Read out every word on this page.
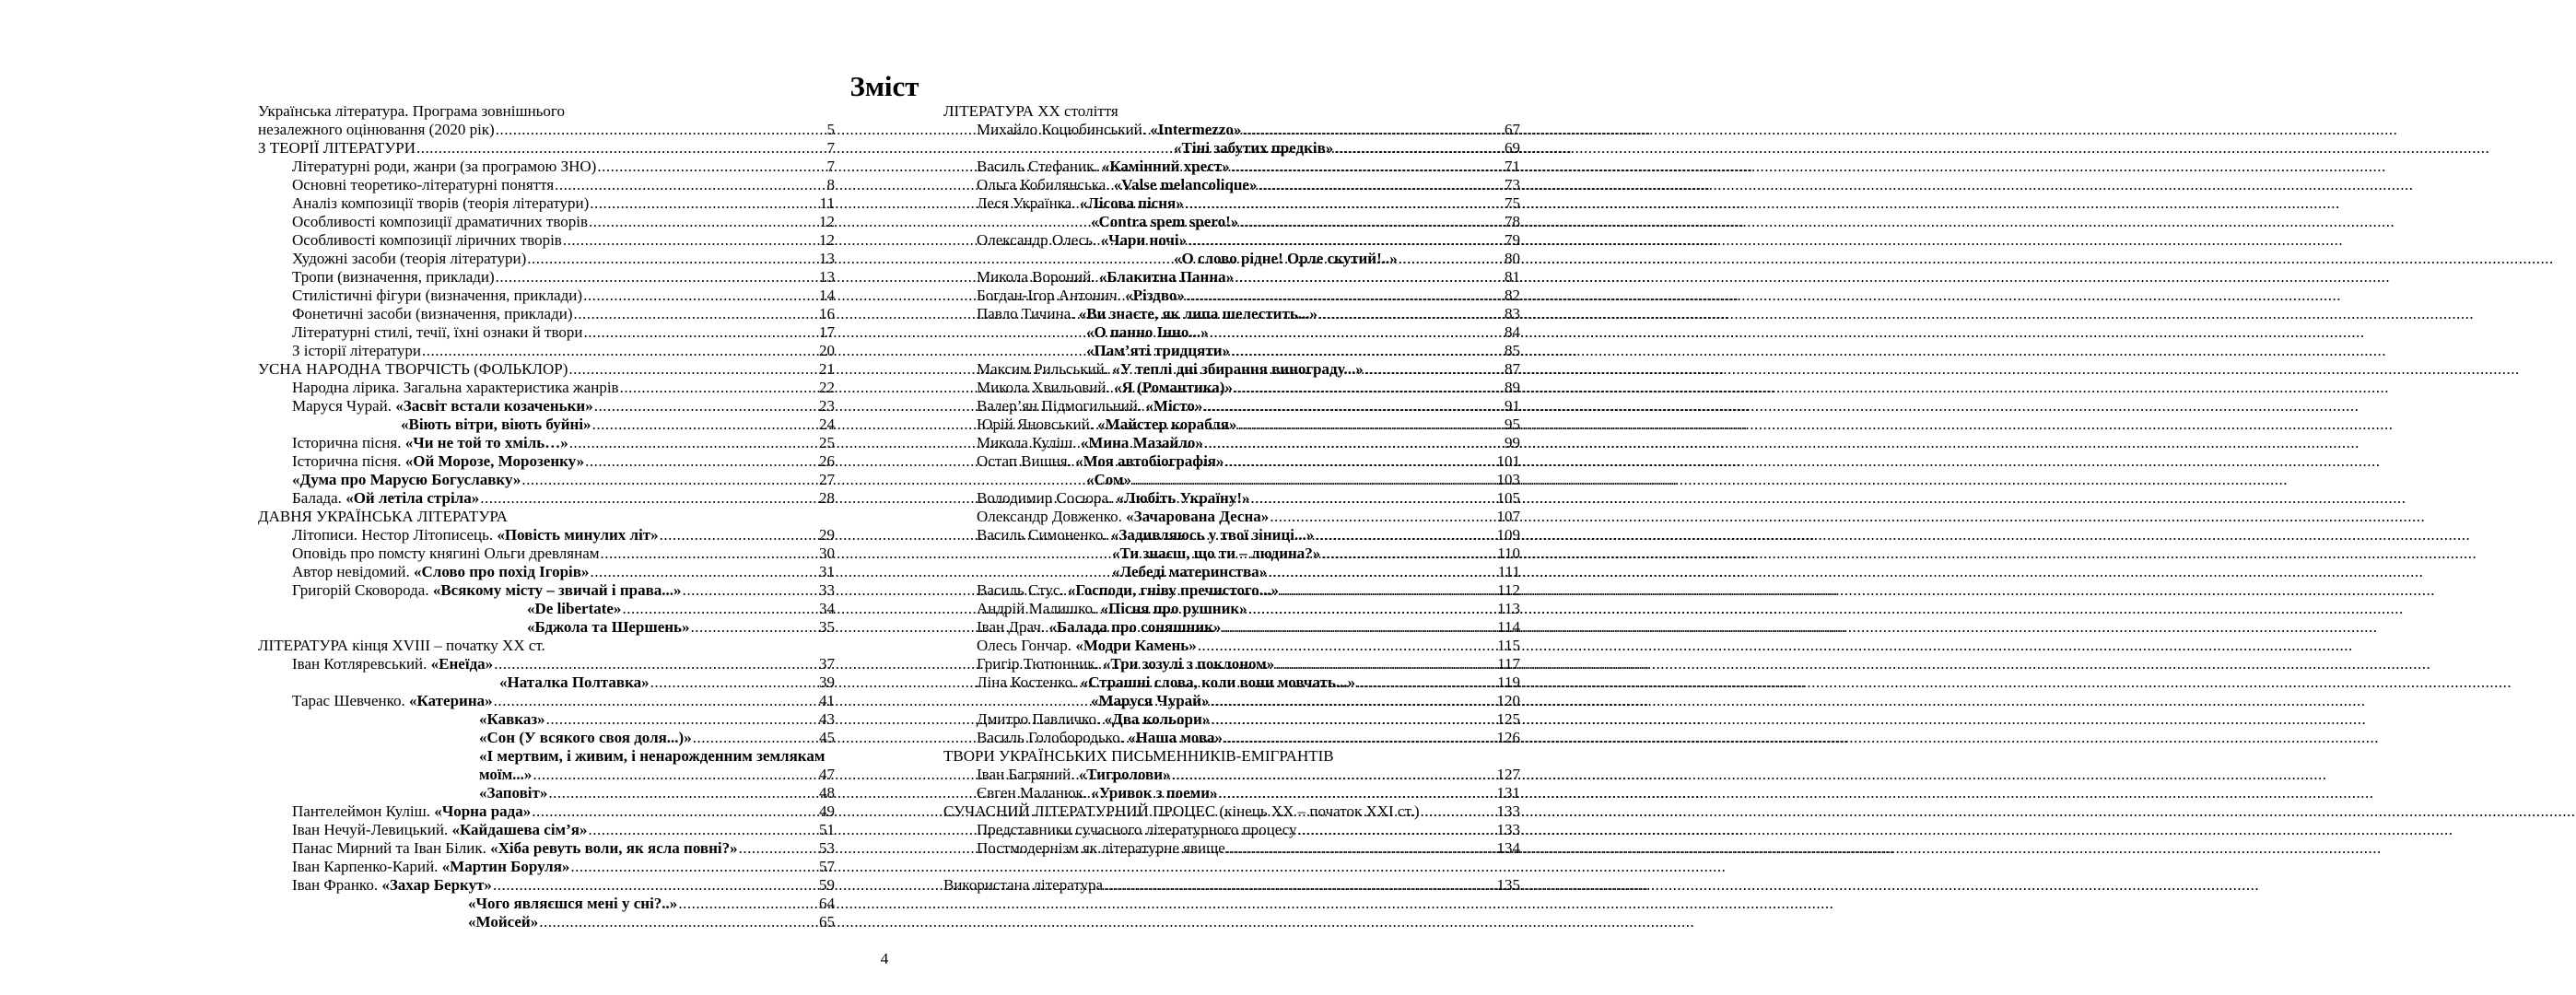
Зміст
Українська література. Програма зовнішнього
незалежного оцінювання (2020 рік) .....	5
З ТЕОРІЇ ЛІТЕРАТУРИ .....	7
Літературні роди, жанри (за програмою ЗНО) .....	7
Основні теоретико-літературні поняття .....	8
Аналіз композиції творів (теорія літератури) .....	11
Особливості композиції драматичних творів .....	12
Особливості композиції ліричних творів .....	12
Художні засоби (теорія літератури) .....	13
Тропи (визначення, приклади) .....	13
Стилістичні фігури (визначення, приклади) .....	14
Фонетичні засоби (визначення, приклади) .....	16
Літературні стилі, течії, їхні ознаки й твори .....	17
З історії літератури .....	20
УСНА НАРОДНА ТВОРЧІСТЬ (ФОЛЬКЛОР) .....	21
Народна лірика. Загальна характеристика жанрів .....	22
Маруся Чурай. «Засвіт встали козаченьки» .....	23
«Віють вітри, віють буйні» .....	24
Історична пісня. «Чи не той то хміль…» .....	25
Історична пісня. «Ой Морозе, Морозенку» .....	26
«Дума про Марусю Богуславку» .....	27
Балада. «Ой летіла стріла» .....	28
ДАВНЯ УКРАЇНСЬКА ЛІТЕРАТУРА
Літописи. Нестор Літописець. «Повість минулих літ» .....	29
Оповідь про помсту княгині Ольги древлянам .....	30
Автор невідомий. «Слово про похід Ігорів» .....	31
Григорій Сковорода. «Всякому місту – звичай і права...» .....	33
«De libertate» .....	34
«Бджола та Шершень» .....	35
ЛІТЕРАТУРА кінця XVIII – початку XX ст.
Іван Котляревський. «Енеїда» .....	37
«Наталка Полтавка» .....	39
Тарас Шевченко. «Катерина» .....	41
«Кавказ» .....	43
«Сон (У всякого своя доля...)» .....	45
«І мертвим, і живим, і ненарожденним землякам
моїм...» .....	47
«Заповіт» .....	48
Пантелеймон Куліш. «Чорна рада» .....	49
Іван Нечуй-Левицький. «Кайдашева сім’я» .....	51
Панас Мирний та Іван Білик. «Хіба ревуть воли, як ясла повні?» .....	53
Іван Карпенко-Карий. «Мартин Боруля» .....	57
Іван Франко. «Захар Беркут» .....	59
«Чого являєшся мені у сні?..» .....	64
«Мойсей» .....	65
ЛІТЕРАТУРА XX століття
Михайло Коцюбинський. «Intermezzo» .....	67
«Тіні забутих предків» .....	69
Василь Стефаник. «Камінний хрест» .....	71
Ольга Кобилянська. «Valse melancolique» .....	73
Леся Українка. «Лісова пісня» .....	75
«Contra spem spero!» .....	78
Олександр Олесь. «Чари ночі» .....	79
«О слово рідне! Орле скутий!..» .....	80
Микола Вороний. «Блакитна Панна» .....	81
Богдан-Ігор Антонич. «Різдво» .....	82
Павло Тичина. «Ви знаєте, як липа шелестить...» .....	83
«О панно Інно...» .....	84
«Пам’яті тридцяти» .....	85
Максим Рильський. «У теплі дні збирання винограду...» .....	87
Микола Хвильовий. «Я (Романтика)» .....	89
Валер’ян Підмогильний. «Місто» .....	91
Юрій Яновський. «Майстер корабля» .....	95
Микола Куліш. «Мина Мазайло» .....	99
Остап Вишня. «Моя автобіографія» .....	101
«Сом» .....	103
Володимир Сосюра. «Любіть Україну!» .....	105
Олександр Довженко. «Зачарована Десна» .....	107
Василь Симоненко. «Задивляюсь у твої зіниці...» .....	109
«Ти знаєш, що ти – людина?» .....	110
«Лебеді материнства» .....	111
Василь Стус. «Господи, гніву пречистого...» .....	112
Андрій Малишко. «Пісня про рушник» .....	113
Іван Драч. «Балада про соняшник» .....	114
Олесь Гончар. «Модри Камень» .....	115
Григір Тютюнник. «Три зозулі з поклоном» .....	117
Ліна Костенко. «Страшні слова, коли вони мовчать...» .....	119
«Маруся Чурай» .....	120
Дмитро Павличко. «Два кольори» .....	125
Василь Голобородько. «Наша мова» .....	126
ТВОРИ УКРАЇНСЬКИХ ПИСЬМЕННИКІВ-ЕМІГРАНТІВ
Іван Багряний. «Тигролови» .....	127
Євген Маланюк. «Уривок з поеми» .....	131
СУЧАСНИЙ ЛІТЕРАТУРНИЙ ПРОЦЕС (кінець XX – початок XXI ст.) .....	133
Представники сучасного літературного процесу .....	133
Постмодернізм як літературне явище .....	134
Використана література .....	135
4
